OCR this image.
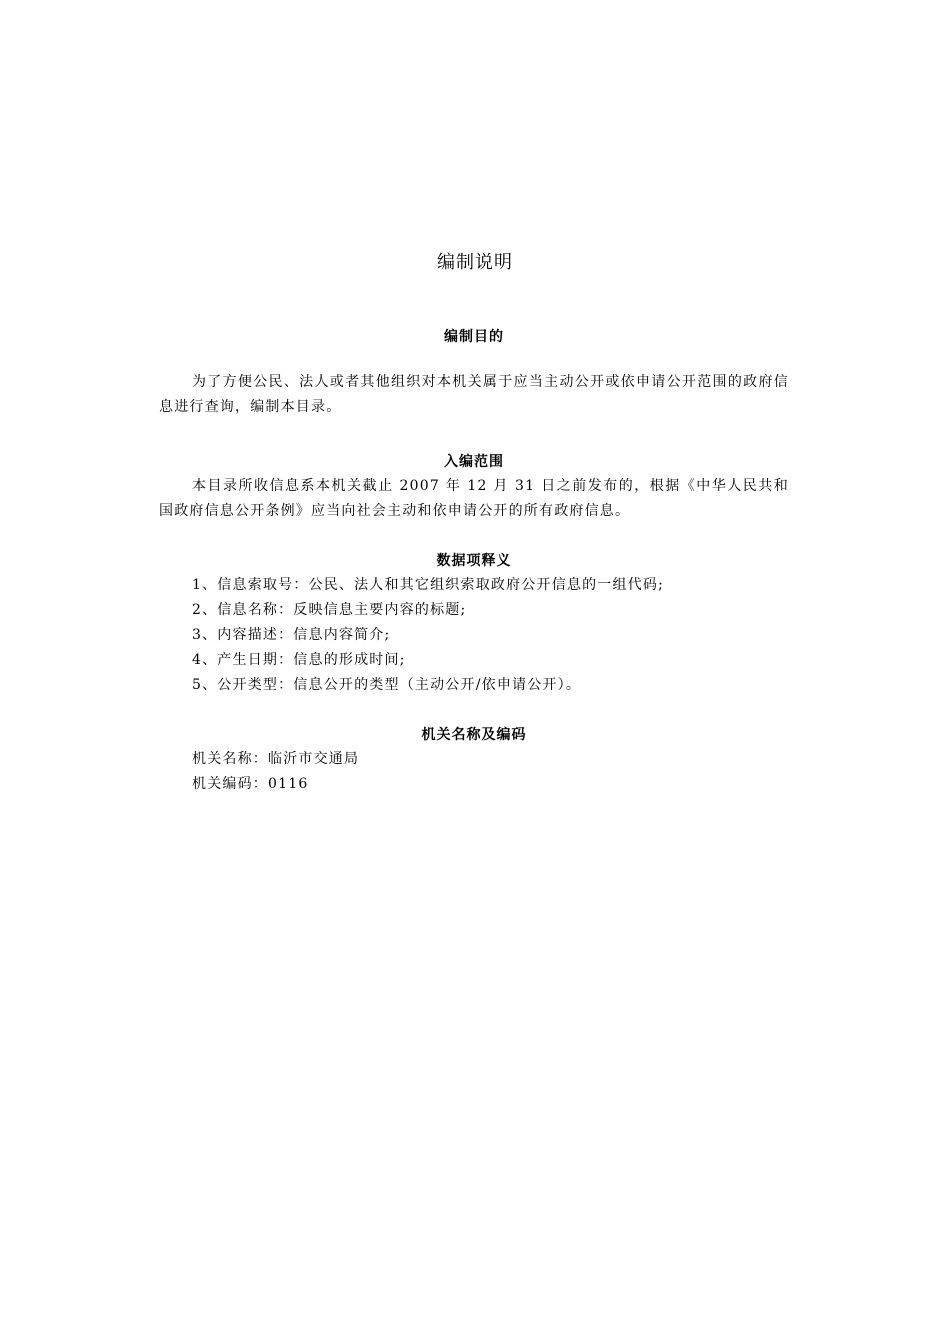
编制说明
编制目的

为了方便公民、法人或者其他组织对本机关属于应当主动公开或依申请公开范围的政府信息进行查询，编制本目录。

入编范围

本目录所收信息系本机关截止 2007 年 12 月 31 日之前发布的，根据《中华人民共和国政府信息公开条例》应当向社会主动和依申请公开的所有政府信息。

数据项释义

1、信息索取号：公民、法人和其它组织索取政府公开信息的一组代码;

2、信息名称：反映信息主要内容的标题;

3、内容描述：信息内容简介;

4、产生日期：信息的形成时间;

5、公开类型：信息公开的类型（主动公开/依申请公开）。

机关名称及编码

机关名称：临沂市交通局

机关编码：0116
